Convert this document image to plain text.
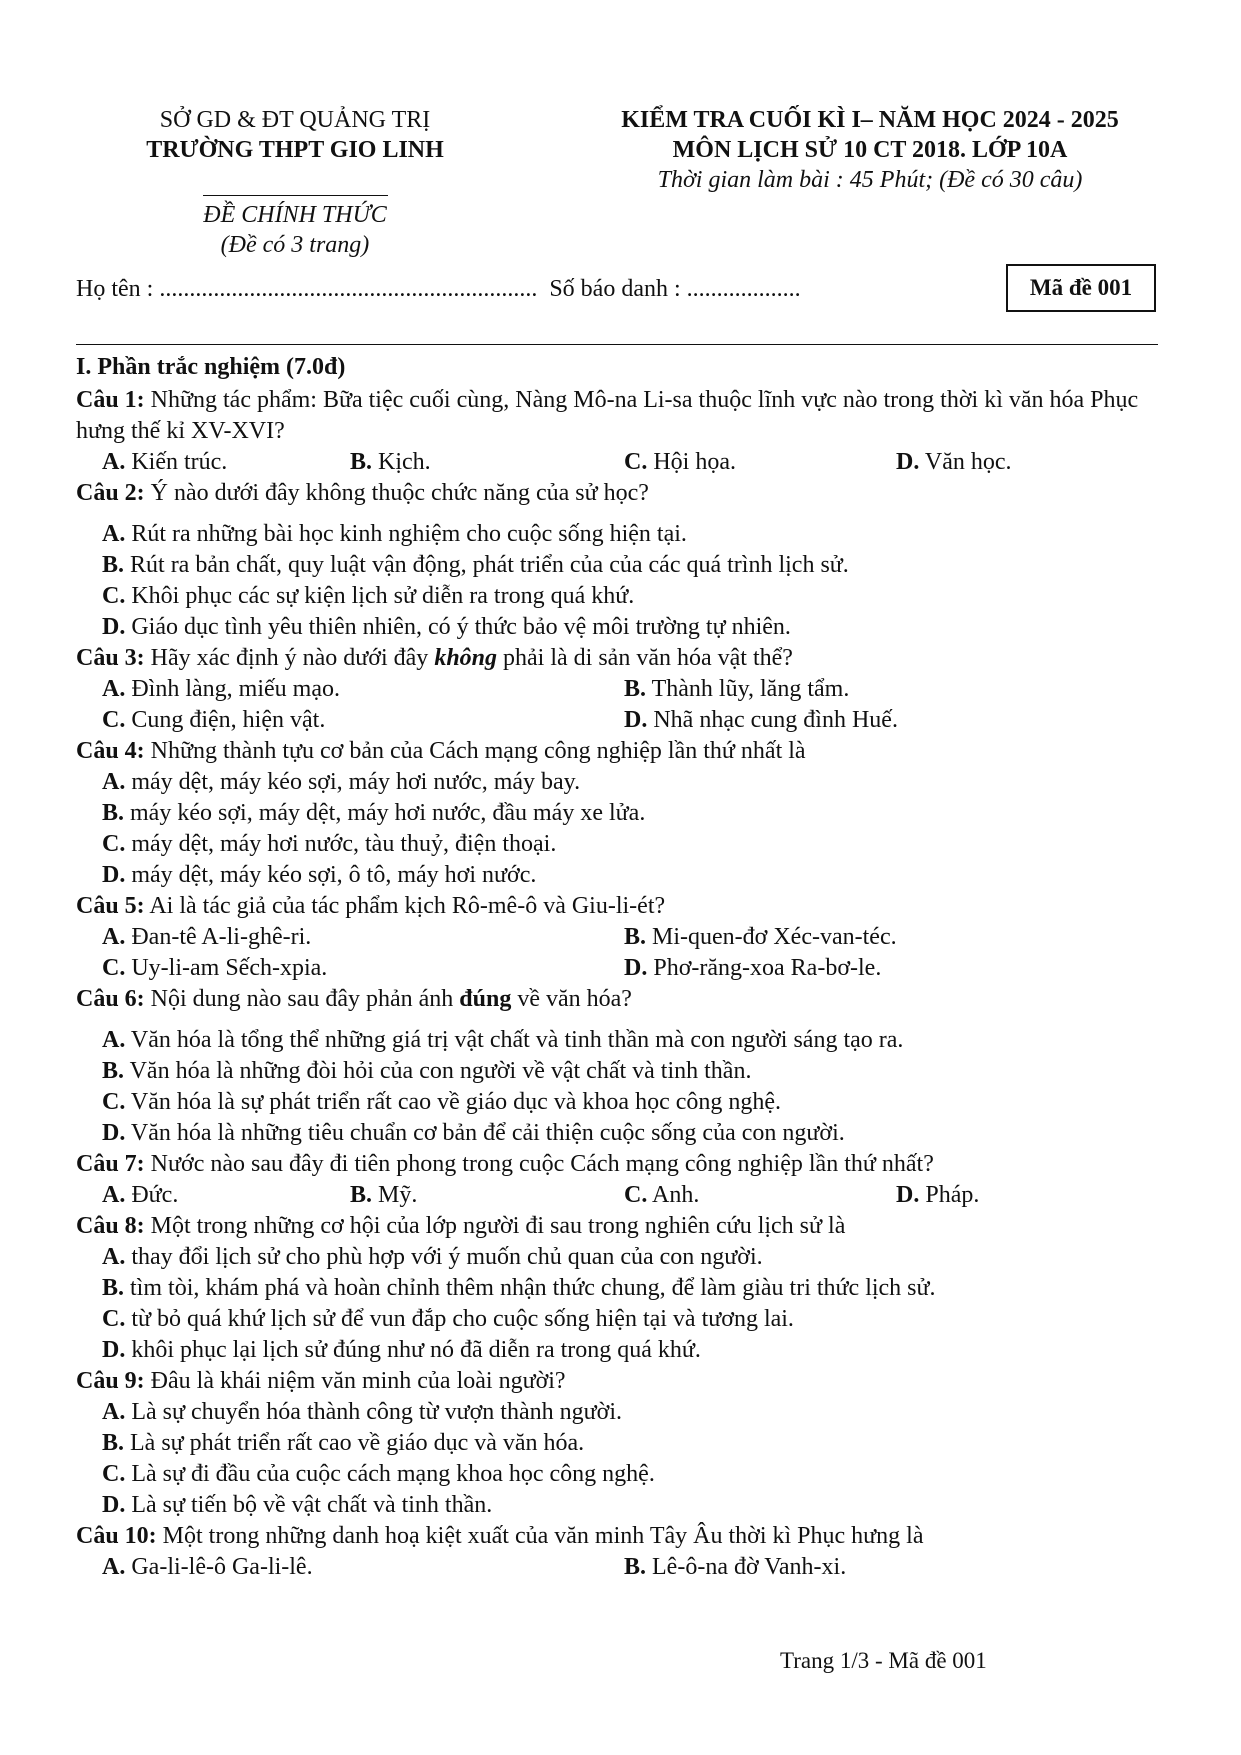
SỞ GD & ĐT QUẢNG TRỊ
TRƯỜNG THPT GIO LINH
ĐỀ CHÍNH THỨC
(Đề có 3 trang)
KIỂM TRA CUỐI KÌ I– NĂM HỌC 2024 - 2025
MÔN LỊCH SỬ 10 CT 2018. LỚP 10A
Thời gian làm bài : 45 Phút; (Đề có 30 câu)
Họ tên : ............................................................... Số báo danh : ...................	Mã đề 001
I. Phần trắc nghiệm (7.0đ)
Câu 1: Những tác phẩm: Bữa tiệc cuối cùng, Nàng Mô-na Li-sa thuộc lĩnh vực nào trong thời kì văn hóa Phục hưng thế kỉ XV-XVI?
A. Kiến trúc.	B. Kịch.	C. Hội họa.	D. Văn học.
Câu 2: Ý nào dưới đây không thuộc chức năng của sử học?
A. Rút ra những bài học kinh nghiệm cho cuộc sống hiện tại.
B. Rút ra bản chất, quy luật vận động, phát triển của của các quá trình lịch sử.
C. Khôi phục các sự kiện lịch sử diễn ra trong quá khứ.
D. Giáo dục tình yêu thiên nhiên, có ý thức bảo vệ môi trường tự nhiên.
Câu 3: Hãy xác định ý nào dưới đây không phải là di sản văn hóa vật thể?
A. Đình làng, miếu mạo.	B. Thành lũy, lăng tẩm.
C. Cung điện, hiện vật.	D. Nhã nhạc cung đình Huế.
Câu 4: Những thành tựu cơ bản của Cách mạng công nghiệp lần thứ nhất là
A. máy dệt, máy kéo sợi, máy hơi nước, máy bay.
B. máy kéo sợi, máy dệt, máy hơi nước, đầu máy xe lửa.
C. máy dệt, máy hơi nước, tàu thuỷ, điện thoại.
D. máy dệt, máy kéo sợi, ô tô, máy hơi nước.
Câu 5: Ai là tác giả của tác phẩm kịch Rô-mê-ô và Giu-li-ét?
A. Đan-tê A-li-ghê-ri.	B. Mi-quen-đơ Xéc-van-téc.
C. Uy-li-am Sếch-xpia.	D. Phơ-răng-xoa Ra-bơ-le.
Câu 6: Nội dung nào sau đây phản ánh đúng về văn hóa?
A. Văn hóa là tổng thể những giá trị vật chất và tinh thần mà con người sáng tạo ra.
B. Văn hóa là những đòi hỏi của con người về vật chất và tinh thần.
C. Văn hóa là sự phát triển rất cao về giáo dục và khoa học công nghệ.
D. Văn hóa là những tiêu chuẩn cơ bản để cải thiện cuộc sống của con người.
Câu 7: Nước nào sau đây đi tiên phong trong cuộc Cách mạng công nghiệp lần thứ nhất?
A. Đức.	B. Mỹ.	C. Anh.	D. Pháp.
Câu 8: Một trong những cơ hội của lớp người đi sau trong nghiên cứu lịch sử là
A. thay đổi lịch sử cho phù hợp với ý muốn chủ quan của con người.
B. tìm tòi, khám phá và hoàn chỉnh thêm nhận thức chung, để làm giàu tri thức lịch sử.
C. từ bỏ quá khứ lịch sử để vun đắp cho cuộc sống hiện tại và tương lai.
D. khôi phục lại lịch sử đúng như nó đã diễn ra trong quá khứ.
Câu 9: Đâu là khái niệm văn minh của loài người?
A. Là sự chuyển hóa thành công từ vượn thành người.
B. Là sự phát triển rất cao về giáo dục và văn hóa.
C. Là sự đi đầu của cuộc cách mạng khoa học công nghệ.
D. Là sự tiến bộ về vật chất và tinh thần.
Câu 10: Một trong những danh hoạ kiệt xuất của văn minh Tây Âu thời kì Phục hưng là
A. Ga-li-lê-ô Ga-li-lê.	B. Lê-ô-na đờ Vanh-xi.
Trang 1/3 - Mã đề 001
